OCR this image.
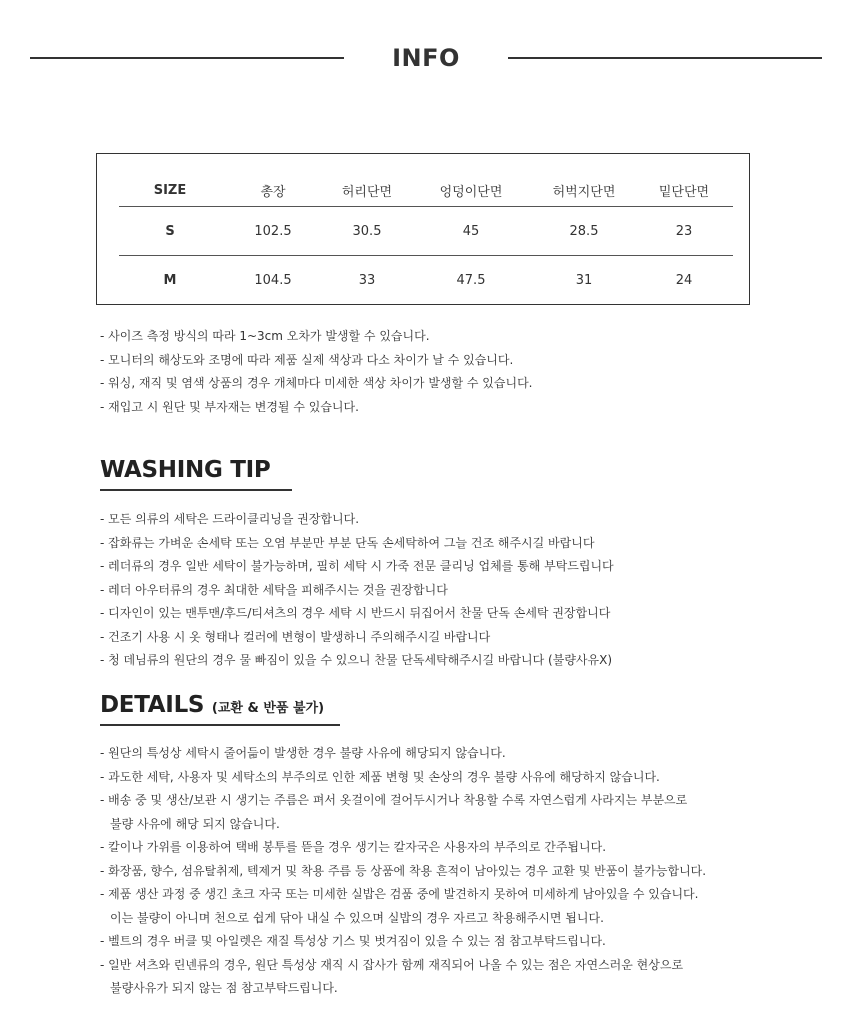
INFO
SIZE	총장	허리단면	엉덩이단면	허벅지단면	밑단단면
S	102.5	30.5	45	28.5	23
M	104.5	33	47.5	31	24
- 사이즈 측정 방식의 따라 1~3cm 오차가 발생할 수 있습니다.
- 모니터의 해상도와 조명에 따라 제품 실제 색상과 다소 차이가 날 수 있습니다.
- 워싱, 재직 및 염색 상품의 경우 개체마다 미세한 색상 차이가 발생할 수 있습니다.
- 재입고 시 원단 및 부자재는 변경될 수 있습니다.
WASHING TIP
- 모든 의류의 세탁은 드라이클리닝을 권장합니다.
- 잡화류는 가벼운 손세탁 또는 오염 부분만 부분 단독 손세탁하여 그늘 건조 해주시길 바랍니다
- 레더류의 경우 일반 세탁이 불가능하며, 필히 세탁 시 가죽 전문 클리닝 업체를 통해 부탁드립니다
- 레더 아우터류의 경우 최대한 세탁을 피해주시는 것을 권장합니다
- 디자인이 있는 맨투맨/후드/티셔츠의 경우 세탁 시 반드시 뒤집어서 찬물 단독 손세탁 권장합니다
- 건조기 사용 시 옷 형태나 컬러에 변형이 발생하니 주의해주시길 바랍니다
- 청 데님류의 원단의 경우 물 빠짐이 있을 수 있으니 찬물 단독세탁해주시길 바랍니다 (불량사유X)
DETAILS (교환 & 반품 불가)
- 원단의 특성상 세탁시 줄어듦이 발생한 경우 불량 사유에 해당되지 않습니다.
- 과도한 세탁, 사용자 및 세탁소의 부주의로 인한 제품 변형 및 손상의 경우 불량 사유에 해당하지 않습니다.
- 배송 중 및 생산/보관 시 생기는 주름은 펴서 옷걸이에 걸어두시거나 착용할 수록 자연스럽게 사라지는 부분으로
불량 사유에 해당 되지 않습니다.
- 칼이나 가위를 이용하여 택배 봉투를 뜯을 경우 생기는 칼자국은 사용자의 부주의로 간주됩니다.
- 화장품, 향수, 섬유탈취제, 텍제거 및 착용 주름 등 상품에 착용 흔적이 남아있는 경우 교환 및 반품이 불가능합니다.
- 제품 생산 과정 중 생긴 초크 자국 또는 미세한 실밥은 검품 중에 발견하지 못하여 미세하게 남아있을 수 있습니다.
이는 불량이 아니며 천으로 쉽게 닦아 내실 수 있으며 실밥의 경우 자르고 착용해주시면 됩니다.
- 벨트의 경우 버클 및 아일렛은 재질 특성상 기스 및 벗겨짐이 있을 수 있는 점 참고부탁드립니다.
- 일반 셔츠와 린넨류의 경우, 원단 특성상 재직 시 잡사가 함께 재직되어 나올 수 있는 점은 자연스러운 현상으로
불량사유가 되지 않는 점 참고부탁드립니다.
